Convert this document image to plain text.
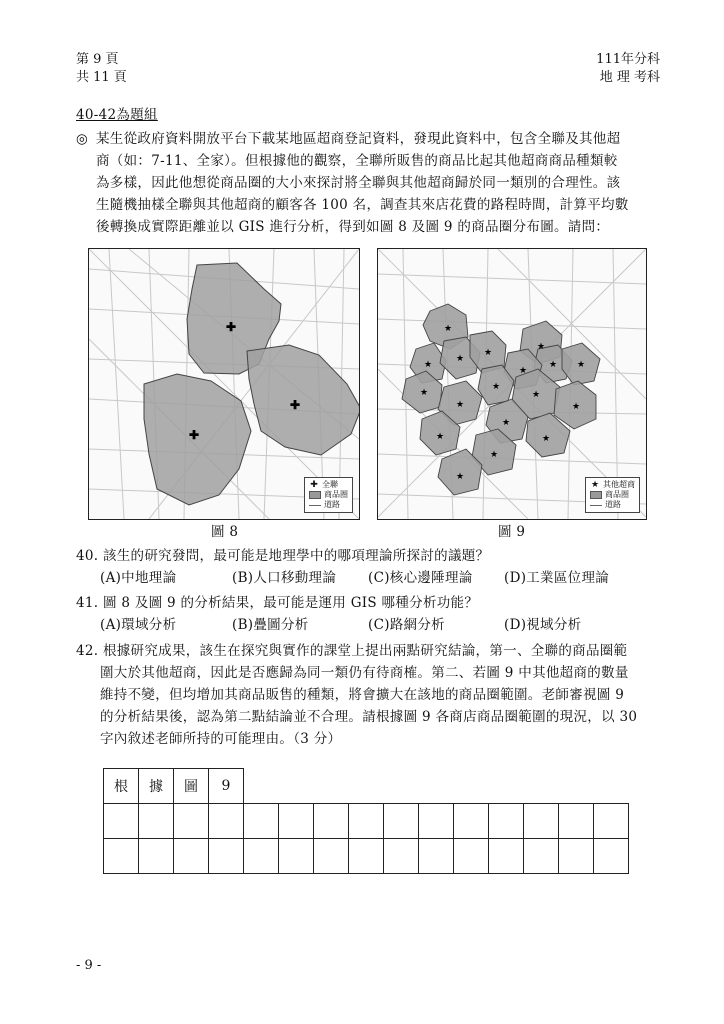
第 9 頁
共 11 頁
111年分科
地 理 考科
40-42為題組
◎ 某生從政府資料開放平台下載某地區超商登記資料，發現此資料中，包含全聯及其他超
商（如：7-11、全家）。但根據他的觀察，全聯所販售的商品比起其他超商商品種類較
為多樣，因此他想從商品圈的大小來探討將全聯與其他超商歸於同一類別的合理性。該
生隨機抽樣全聯與其他超商的顧客各 100 名，調查其來店花費的路程時間，計算平均數
後轉換成實際距離並以 GIS 進行分析，得到如圖 8 及圖 9 的商品圈分布圖。請問：
✚
✚
✚
✚ 全聯
商品圈
道路
圖 8
★
★
★
★
★
★ ★
★
★
★
★
★
★
★
★	★
★
★
★ 其他超商
商品圈
道路
圖 9
40. 該生的研究發問，最可能是地理學中的哪項理論所探討的議題？
(A)中地理論	(B)人口移動理論 (C)核心邊陲理論 (D)工業區位理論
41. 圖 8 及圖 9 的分析結果，最可能是運用 GIS 哪種分析功能？
(A)環域分析	(B)疊圖分析	(C)路網分析	(D)視域分析
42. 根據研究成果，該生在探究與實作的課堂上提出兩點研究結論，第一、全聯的商品圈範
圍大於其他超商，因此是否應歸為同一類仍有待商榷。第二、若圖 9 中其他超商的數量
維持不變，但均增加其商品販售的種類，將會擴大在該地的商品圈範圍。老師審視圖 9
的分析結果後，認為第二點結論並不合理。請根據圖 9 各商店商品圈範圍的現況，以 30
字內敘述老師所持的可能理由。（3 分）
根	據	圖	9											

- 9 -
